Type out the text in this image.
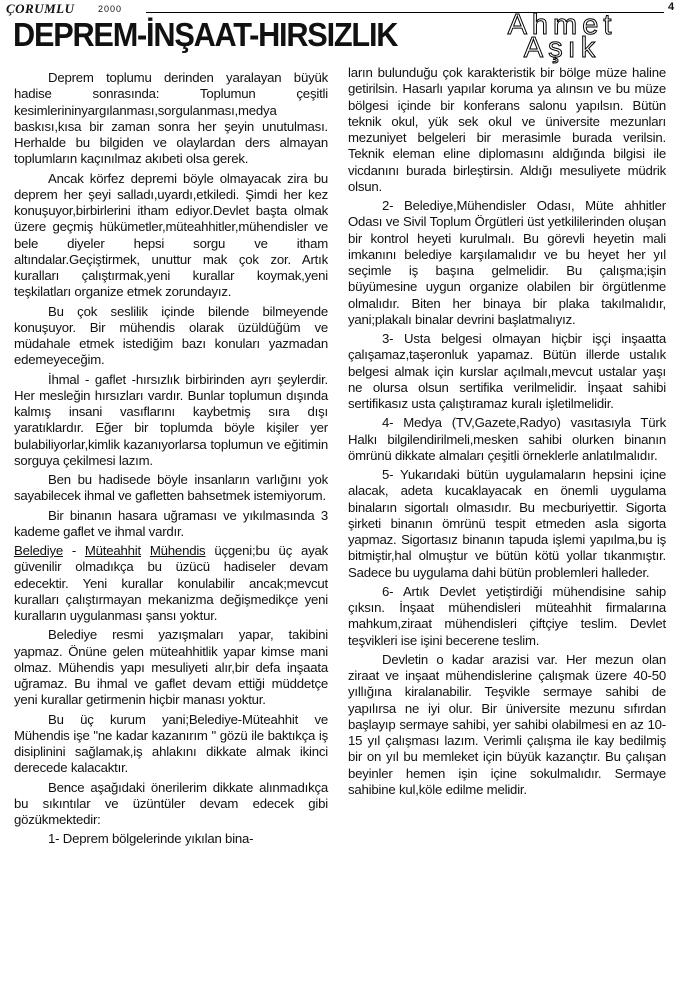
ÇORUMLU	2000	4
DEPREM-İNŞAAT-HIRSIZLIK	Ahmet
Aşık

Deprem toplumu derinden yaralayan büyük hadise sonrasında: Toplumun çeşitli kesimlerininyargılanması,sorgulanması,medya baskısı,kısa bir zaman sonra her şeyin unutulması. Herhalde bu bilgiden ve olaylardan ders almayan toplumların kaçınılmaz akıbeti olsa gerek.

Ancak körfez depremi böyle olmayacak zira bu deprem her şeyi salladı,uyardı,etkiledi. Şimdi her kez konuşuyor,birbirlerini itham ediyor.Devlet başta olmak üzere geçmiş hükümetler,müteahhitler,mühendisler ve bele diyeler hepsi sorgu ve itham altındalar.Geçiştirmek, unuttur mak çok zor. Artık kuralları çalıştırmak,yeni kurallar koymak,yeni teşkilatları organize etmek zorundayız.

Bu çok seslilik içinde bilende bilmeyende konuşuyor. Bir mühendis olarak üzüldüğüm ve müdahale etmek istediğim bazı konuları yazmadan edemeyeceğim.

İhmal - gaflet -hırsızlık birbirinden ayrı şeylerdir. Her mesleğin hırsızları vardır. Bunlar toplumun dışında kalmış insani vasıflarını kaybetmiş sıra dışı yaratıklardır. Eğer bir toplumda böyle kişiler yer bulabiliyorlar,kimlik kazanıyorlarsa toplumun ve eğitimin sorguya çekilmesi lazım.

Ben bu hadisede böyle insanların varlığını yok sayabilecek ihmal ve gafletten bahsetmek istemiyorum.

Bir binanın hasara uğraması ve yıkılmasında 3 kademe gaflet ve ihmal vardır.

Belediye - Müteahhit Mühendis üçgeni;bu üç ayak güvenilir olmadıkça bu üzücü hadiseler devam edecektir. Yeni kurallar konulabilir ancak;mevcut kuralları çalıştırmayan mekanizma değişmedikçe yeni kuralların uygulanması şansı yoktur.

Belediye resmi yazışmaları yapar, takibini yapmaz. Önüne gelen müteahhitlik yapar kimse mani olmaz. Mühendis yapı mesuliyeti alır,bir defa inşaata uğramaz. Bu ihmal ve gaflet devam ettiği müddetçe yeni kurallar getirmenin hiçbir manası yoktur.

Bu üç kurum yani;Belediye-Müteahhit ve Mühendis işe "ne kadar kazanırım " gözü ile baktıkça iş disiplinini sağlamak,iş ahlakını dikkate almak ikinci derecede kalacaktır.

Bence aşağıdaki önerilerim dikkate alınmadıkça bu sıkıntılar ve üzüntüler devam edecek gibi gözükmektedir:

1- Deprem bölgelerinde yıkılan bina-

ların bulunduğu çok karakteristik bir bölge müze haline getirilsin. Hasarlı yapılar koruma ya alınsın ve bu müze bölgesi içinde bir konferans salonu yapılsın. Bütün teknik okul, yük sek okul ve üniversite mezunları mezuniyet belgeleri bir merasimle burada verilsin. Teknik eleman eline diplomasını aldığında bilgisi ile vicdanını burada birleştirsin. Aldığı mesuliyete müdrik olsun.

2- Belediye,Mühendisler Odası, Müte ahhitler Odası ve Sivil Toplum Örgütleri üst yetkililerinden oluşan bir kontrol heyeti kurulmalı. Bu görevli heyetin mali imkanını belediye karşılamalıdır ve bu heyet her yıl seçimle iş başına gelmelidir. Bu çalışma;işin büyümesine uygun organize olabilen bir örgütlenme olmalıdır. Biten her binaya bir plaka takılmalıdır, yani;plakalı binalar devrini başlatmalıyız.

3- Usta belgesi olmayan hiçbir işçi inşaatta çalışamaz,taşeronluk yapamaz. Bütün illerde ustalık belgesi almak için kurslar açılmalı,mevcut ustalar yaşı ne olursa olsun sertifika verilmelidir. İnşaat sahibi sertifikasız usta çalıştıramaz kuralı işletilmelidir.

4- Medya (TV,Gazete,Radyo) vasıtasıyla Türk Halkı bilgilendirilmeli,mesken sahibi olurken binanın ömrünü dikkate almaları çeşitli örneklerle anlatılmalıdır.

5- Yukarıdaki bütün uygulamaların hepsini içine alacak, adeta kucaklayacak en önemli uygulama binaların sigortalı olmasıdır. Bu mecburiyettir. Sigorta şirketi binanın ömrünü tespit etmeden asla sigorta yapmaz. Sigortasız binanın tapuda işlemi yapılma,bu iş bitmiştir,hal olmuştur ve bütün kötü yollar tıkanmıştır. Sadece bu uygulama dahi bütün problemleri halleder.

6- Artık Devlet yetiştirdiği mühendisine sahip çıksın. İnşaat mühendisleri müteahhit firmalarına mahkum,ziraat mühendisleri çiftçiye teslim. Devlet teşvikleri ise işini becerene teslim.

Devletin o kadar arazisi var. Her mezun olan ziraat ve inşaat mühendislerine çalışmak üzere 40-50 yıllığına kiralanabilir. Teşvikle sermaye sahibi de yapılırsa ne iyi olur. Bir üniversite mezunu sıfırdan başlayıp sermaye sahibi, yer sahibi olabilmesi en az 10-15 yıl çalışması lazım. Verimli çalışma ile kay bedilmiş bir on yıl bu memleket için büyük kazançtır. Bu çalışan beyinler hemen işin içine sokulmalıdır. Sermaye sahibine kul,köle edilme melidir.
